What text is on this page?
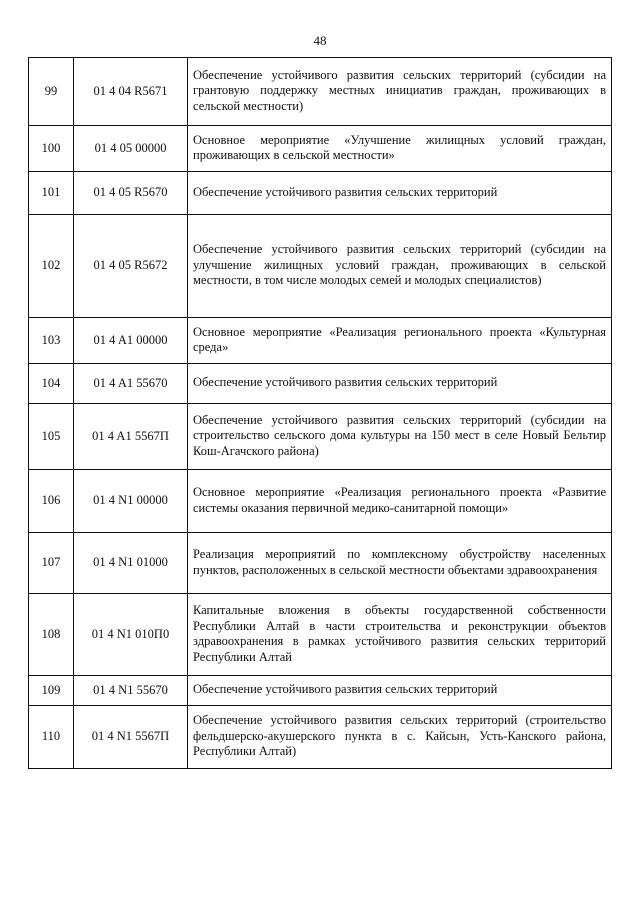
48
99	01 4 04 R5671	Обеспечение устойчивого развития сельских территорий (субсидии на грантовую поддержку местных инициатив граждан, проживающих в сельской местности)
100	01 4 05 00000	Основное мероприятие «Улучшение жилищных условий граждан, проживающих в сельской местности»
101	01 4 05 R5670	Обеспечение устойчивого развития сельских территорий
102	01 4 05 R5672	Обеспечение устойчивого развития сельских территорий (субсидии на улучшение жилищных условий граждан, проживающих в сельской местности, в том числе молодых семей и молодых специалистов)
103	01 4 A1 00000	Основное мероприятие «Реализация регионального проекта «Культурная среда»
104	01 4 A1 55670	Обеспечение устойчивого развития сельских территорий
105	01 4 A1 5567П	Обеспечение устойчивого развития сельских территорий (субсидии на строительство сельского дома культуры на 150 мест в селе Новый Бельтир Кош-Агачского района)
106	01 4 N1 00000	Основное мероприятие «Реализация регионального проекта «Развитие системы оказания первичной медико-санитарной помощи»
107	01 4 N1 01000	Реализация мероприятий по комплексному обустройству населенных пунктов, расположенных в сельской местности объектами здравоохранения
108	01 4 N1 010П0	Капитальные вложения в объекты государственной собственности Республики Алтай в части строительства и реконструкции объектов здравоохранения в рамках устойчивого развития сельских территорий Республики Алтай
109	01 4 N1 55670	Обеспечение устойчивого развития сельских территорий
110	01 4 N1 5567П	Обеспечение устойчивого развития сельских территорий (строительство фельдшерско-акушерского пункта в с. Кайсын, Усть-Канского района, Республики Алтай)
